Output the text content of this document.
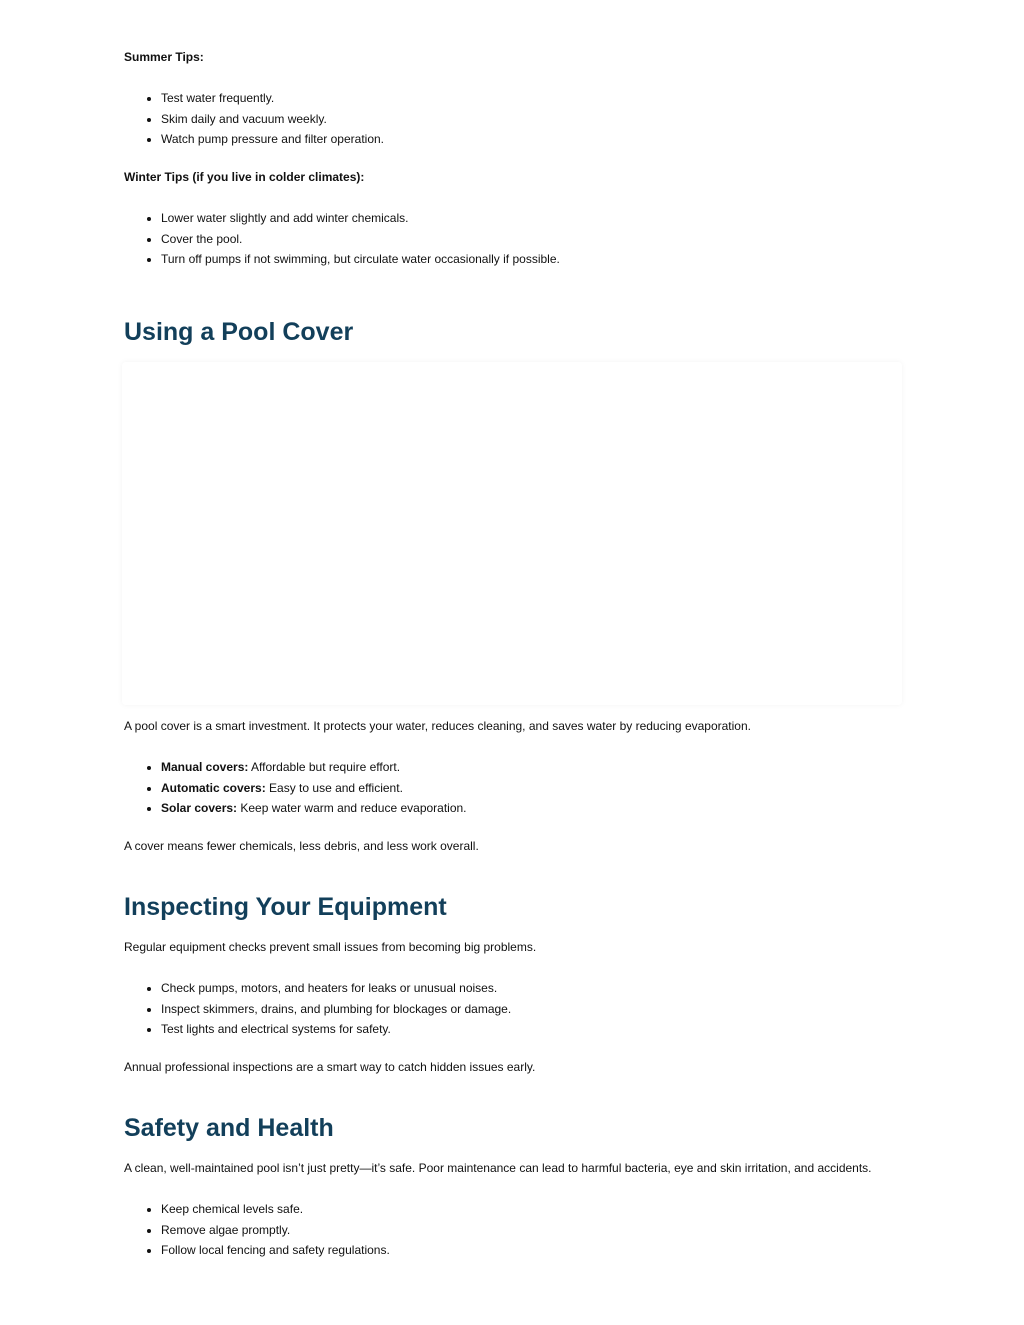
Summer Tips:

• Test water frequently.
• Skim daily and vacuum weekly.
• Watch pump pressure and filter operation.

Winter Tips (if you live in colder climates):

• Lower water slightly and add winter chemicals.
• Cover the pool.
• Turn off pumps if not swimming, but circulate water occasionally if possible.
Using a Pool Cover

A pool cover is a smart investment. It protects your water, reduces cleaning, and saves water by reducing evaporation.

• Manual covers: Affordable but require effort.
• Automatic covers: Easy to use and efficient.
• Solar covers: Keep water warm and reduce evaporation.

A cover means fewer chemicals, less debris, and less work overall.

Inspecting Your Equipment

Regular equipment checks prevent small issues from becoming big problems.

• Check pumps, motors, and heaters for leaks or unusual noises.
• Inspect skimmers, drains, and plumbing for blockages or damage.
• Test lights and electrical systems for safety.

Annual professional inspections are a smart way to catch hidden issues early.

Safety and Health

A clean, well-maintained pool isn’t just pretty—it’s safe. Poor maintenance can lead to harmful bacteria, eye and skin irritation, and accidents.

• Keep chemical levels safe.
• Remove algae promptly.
• Follow local fencing and safety regulations.
